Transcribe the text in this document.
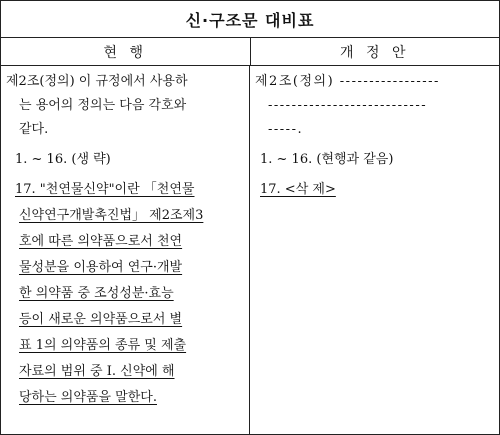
신·구조문 대비표
현 행	개 정 안
제2조(정의) 이 규정에서 사용하
는 용어의 정의는 다음 각호와
같다.
1. ~ 16. (생 략)
17. "천연물신약"이란 「천연물
신약연구개발촉진법」 제2조제3
호에 따른 의약품으로서 천연
물성분을 이용하여 연구·개발
한 의약품 중 조성성분·효능
등이 새로운 의약품으로서 별
표 1의 의약품의 종류 및 제출
자료의 범위 중 Ⅰ. 신약에 해
당하는 의약품을 말한다.
제2조(정의) -----------------
---------------------------
-----.
1. ~ 16. (현행과 같음)
17. <삭 제>
